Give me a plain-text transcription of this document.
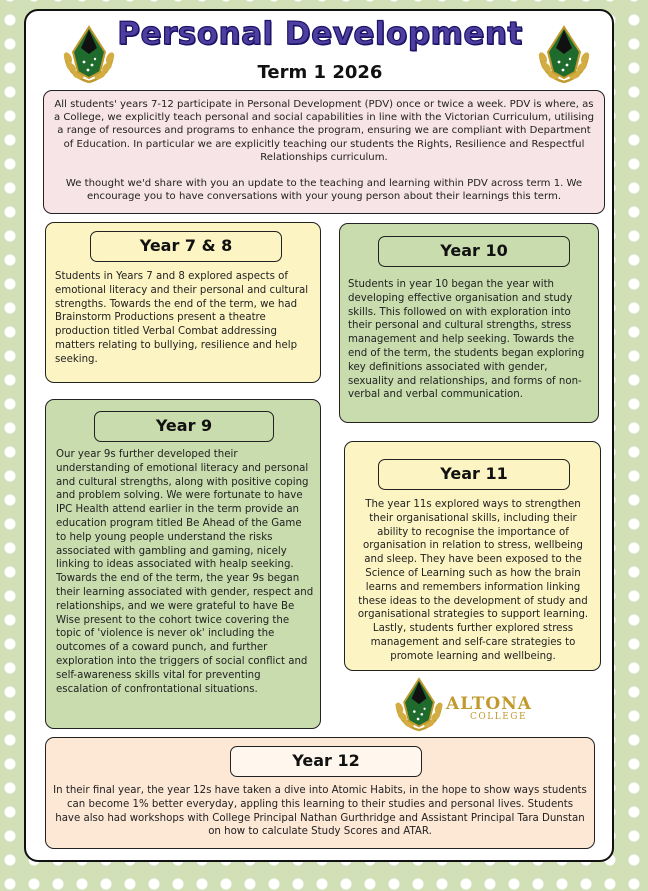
Personal Development
Term 1 2026

All students' years 7-12 participate in Personal Development (PDV) once or twice a week. PDV is where, as a College, we explicitly teach personal and social capabilities in line with the Victorian Curriculum, utilising a range of resources and programs to enhance the program, ensuring we are compliant with Department of Education. In particular we are explicitly teaching our students the Rights, Resilience and Respectful Relationships curriculum.

We thought we'd share with you an update to the teaching and learning within PDV across term 1. We encourage you to have conversations with your young person about their learnings this term.

Year 7 & 8
Students in Years 7 and 8 explored aspects of emotional literacy and their personal and cultural strengths. Towards the end of the term, we had Brainstorm Productions present a theatre production titled Verbal Combat addressing matters relating to bullying, resilience and help seeking.
Year 10
Students in year 10 began the year with developing effective organisation and study skills. This followed on with exploration into their personal and cultural strengths, stress management and help seeking. Towards the end of the term, the students began exploring key definitions associated with gender, sexuality and relationships, and forms of non-verbal and verbal communication.
Year 9
Our year 9s further developed their understanding of emotional literacy and personal and cultural strengths, along with positive coping and problem solving. We were fortunate to have IPC Health attend earlier in the term provide an education program titled Be Ahead of the Game to help young people understand the risks associated with gambling and gaming, nicely linking to ideas associated with healp seeking. Towards the end of the term, the year 9s began their learning associated with gender, respect and relationships, and we were grateful to have Be Wise present to the cohort twice covering the topic of 'violence is never ok' including the outcomes of a coward punch, and further exploration into the triggers of social conflict and self-awareness skills vital for preventing escalation of confrontational situations.
Year 11
The year 11s explored ways to strengthen their organisational skills, including their ability to recognise the importance of organisation in relation to stress, wellbeing and sleep. They have been exposed to the Science of Learning such as how the brain learns and remembers information linking these ideas to the development of study and organisational strategies to support learning. Lastly, students further explored stress management and self-care strategies to promote learning and wellbeing.
ALTONA
COLLEGE
Year 12
In their final year, the year 12s have taken a dive into Atomic Habits, in the hope to show ways students can become 1% better everyday, appling this learning to their studies and personal lives. Students have also had workshops with College Principal Nathan Gurthridge and Assistant Principal Tara Dunstan on how to calculate Study Scores and ATAR.
